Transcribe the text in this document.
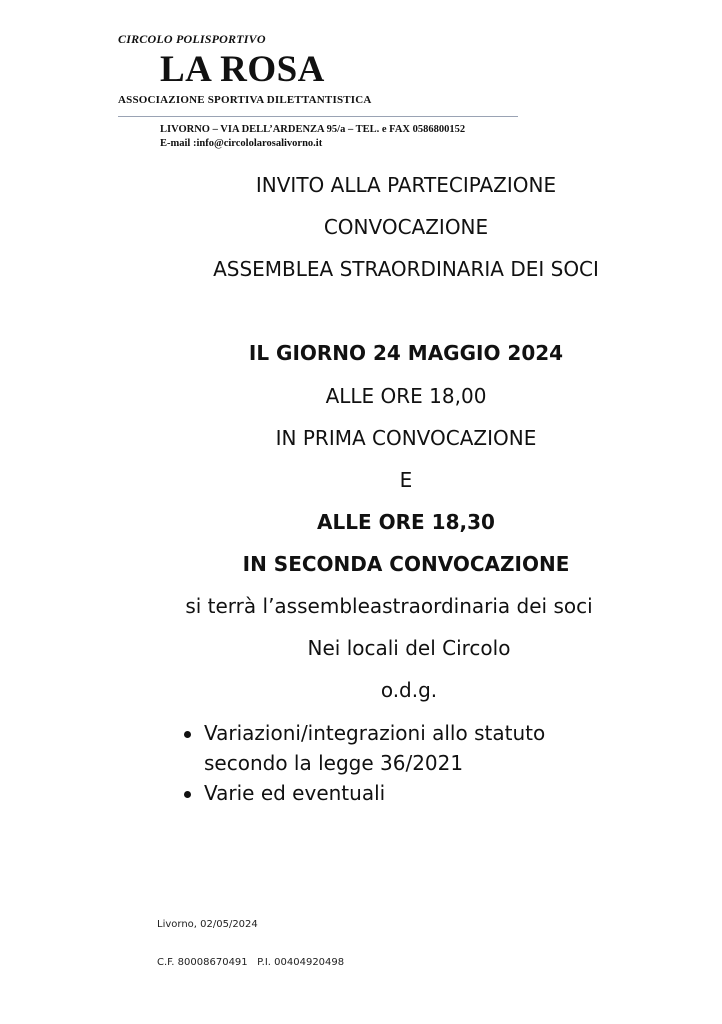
CIRCOLO POLISPORTIVO

LA ROSA

ASSOCIAZIONE SPORTIVA DILETTANTISTICA

LIVORNO – VIA DELL’ARDENZA 95/a – TEL. e FAX 0586800152
E-mail :info@circololarosalivorno.it
INVITO ALLA PARTECIPAZIONE
CONVOCAZIONE
ASSEMBLEA STRAORDINARIA DEI SOCI
IL GIORNO 24 MAGGIO 2024
ALLE ORE 18,00
IN PRIMA CONVOCAZIONE
E
ALLE ORE 18,30
IN SECONDA CONVOCAZIONE
si terrà l’assembleastraordinaria dei soci
Nei locali del Circolo
o.d.g.
Variazioni/integrazioni allo statuto
secondo la legge 36/2021
Varie ed eventuali
Livorno, 02/05/2024
C.F. 80008670491   P.I. 00404920498
